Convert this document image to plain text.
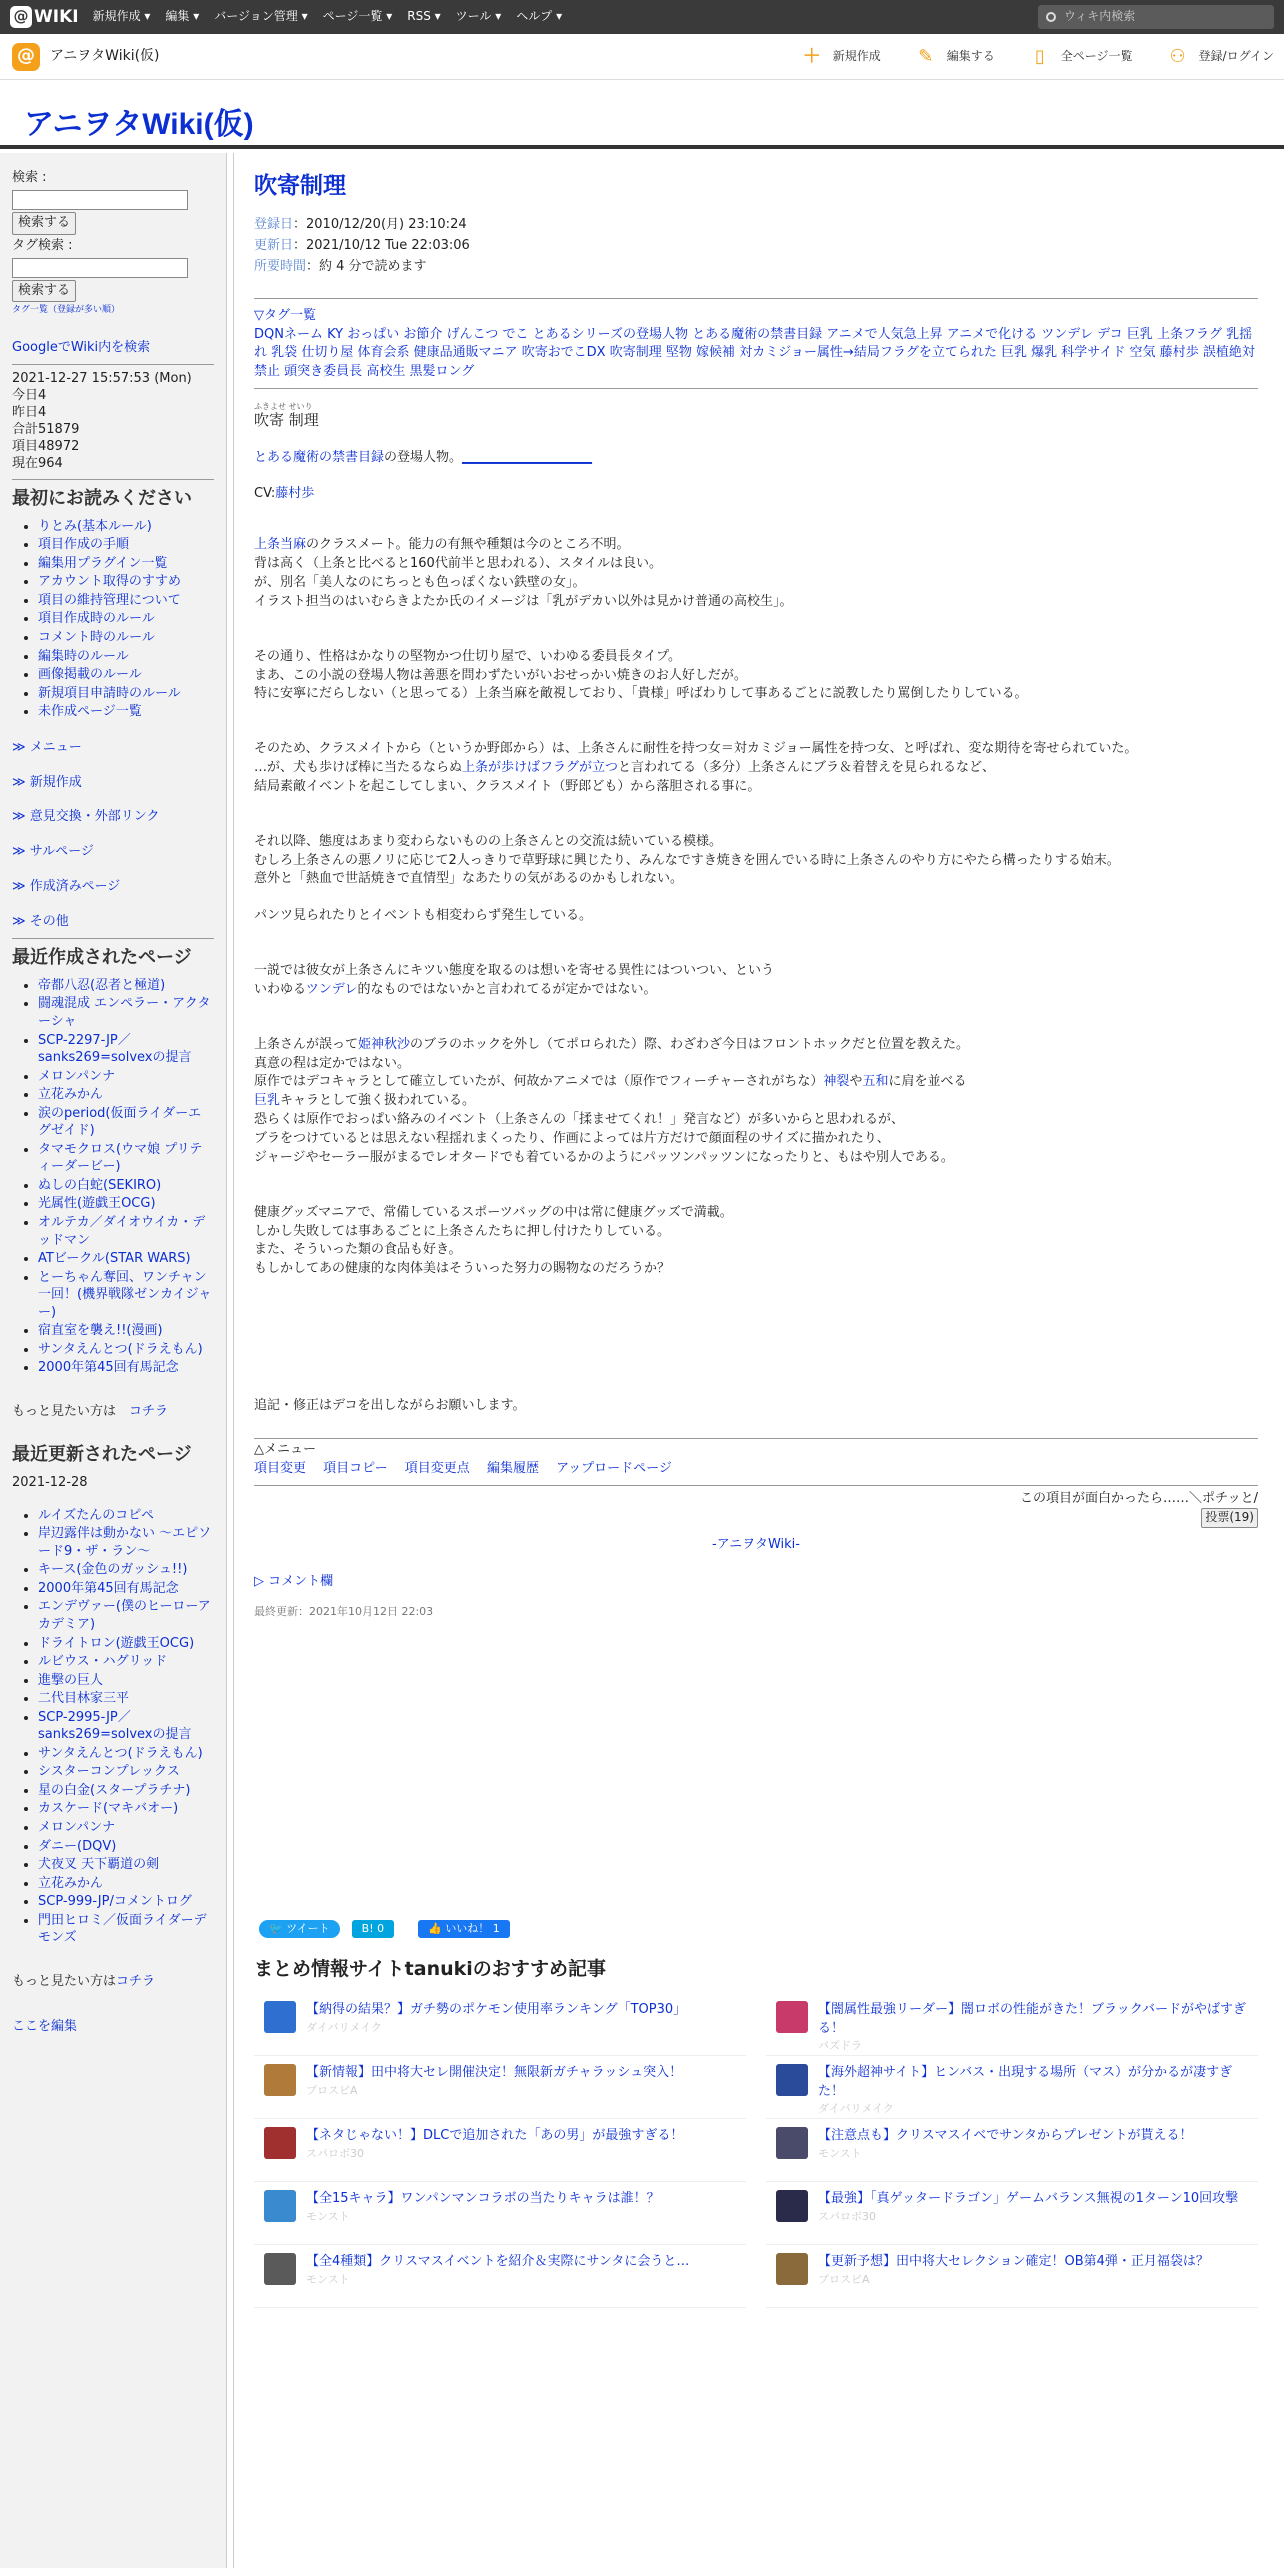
@ WIKI 新規作成 ▾ 編集 ▾ バージョン管理 ▾ ページ一覧 ▾ RSS ▾ ツール ▾ ヘルプ ▾	ウィキ内検索
@	アニヲタWiki(仮)	＋ 新規作成 ✎ 編集する ▯	全ページ一覧 ⚇ 登録/ログイン
アニヲタWiki(仮)
検索 :

検索する
タグ検索 :

検索する
タグ一覧（登録が多い順）
GoogleでWiki内を検索
2021-12-27 15:57:53 (Mon)
今日4
昨日4
合計51879
項目48972
現在964
最初にお読みください
• りとみ(基本ルール)
• 項目作成の手順
• 編集用プラグイン一覧
• アカウント取得のすすめ
• 項目の維持管理について
• 項目作成時のルール
• コメント時のルール
• 編集時のルール
• 画像掲載のルール
• 新規項目申請時のルール
• 未作成ページ一覧
≫ メニュー
≫ 新規作成
≫ 意見交換・外部リンク
≫ サルページ
≫ 作成済みページ
≫ その他
最近作成されたページ
• 帝都八忍(忍者と極道)
• 闘魂混成 エンペラー・アクターシャ
• SCP-2297-JP／sanks269=solvexの提言
• メロンパンナ
• 立花みかん
• 涙のperiod(仮面ライダーエグゼイド)
• タマモクロス(ウマ娘 プリティーダービー)
• ぬしの白蛇(SEKIRO)
• 光属性(遊戯王OCG)
• オルテカ／ダイオウイカ・デッドマン
• ATビークル(STAR WARS)
• とーちゃん奪回、ワンチャン一回！(機界戦隊ゼンカイジャー)
• 宿直室を襲え!!(漫画)
• サンタえんとつ(ドラえもん)
• 2000年第45回有馬記念
もっと見たい方は　 コチラ
最近更新されたページ
2021-12-28
• ルイズたんのコピペ
• 岸辺露伴は動かない 〜エピソード9・ザ・ラン〜
• キース(金色のガッシュ!!)
• 2000年第45回有馬記念
• エンデヴァー(僕のヒーローアカデミア)
• ドライトロン(遊戯王OCG)
• ルビウス・ハグリッド
• 進撃の巨人
• 二代目林家三平
• SCP-2995-JP／sanks269=solvexの提言
• サンタえんとつ(ドラえもん)
• シスターコンプレックス
• 星の白金(スタープラチナ)
• カスケード(マキバオー)
• メロンパンナ
• ダニー(DQⅤ)
• 犬夜叉 天下覇道の剣
• 立花みかん
• SCP-999-JP/コメントログ
• 門田ヒロミ／仮面ライダーデモンズ
もっと見たい方はコチラ
ここを編集
吹寄制理
登録日：2010/12/20(月) 23:10:24
更新日：2021/10/12 Tue 22:03:06
所要時間：約 4 分で読めます
▽タグ一覧
DQNネーム KY おっぱい お節介 げんこつ でこ とあるシリーズの登場人物 とある魔術の禁書目録 アニメで人気急上昇 アニメで化ける ツンデレ デコ 巨乳 上条フラグ 乳揺れ 乳袋 仕切り屋 体育会系 健康品通販マニア 吹寄おでこDX 吹寄制理 堅物 嫁候補 対カミジョー属性→結局フラグを立てられた 巨乳 爆乳 科学サイド 空気 藤村歩 誤植絶対禁止 頭突き委員長 高校生 黒髪ロング
ふきよせ せいり
吹寄 制理
とある魔術の禁書目録の登場人物。____________________
CV:藤村歩
上条当麻のクラスメート。能力の有無や種類は今のところ不明。
背は高く（上条と比べると160代前半と思われる）、スタイルは良い。
が、別名「美人なのにちっとも色っぽくない鉄壁の女」。
イラスト担当のはいむらきよたか氏のイメージは「乳がデカい以外は見かけ普通の高校生」。
その通り、性格はかなりの堅物かつ仕切り屋で、いわゆる委員長タイプ。
まあ、この小説の登場人物は善悪を問わずたいがいおせっかい焼きのお人好しだが。
特に安寧にだらしない（と思ってる）上条当麻を敵視しており、「貴様」呼ばわりして事あるごとに説教したり罵倒したりしている。
そのため、クラスメイトから（というか野郎から）は、上条さんに耐性を持つ女＝対カミジョー属性を持つ女、と呼ばれ、変な期待を寄せられていた。
…が、犬も歩けば棒に当たるならぬ上条が歩けばフラグが立つと言われてる（多分）上条さんにブラ＆着替えを見られるなど、
結局素敵イベントを起こしてしまい、クラスメイト（野郎ども）から落胆される事に。
それ以降、態度はあまり変わらないものの上条さんとの交流は続いている模様。
むしろ上条さんの悪ノリに応じて2人っきりで草野球に興じたり、みんなですき焼きを囲んでいる時に上条さんのやり方にやたら構ったりする始末。
意外と「熱血で世話焼きで直情型」なあたりの気があるのかもしれない。
パンツ見られたりとイベントも相変わらず発生している。
一説では彼女が上条さんにキツい態度を取るのは想いを寄せる異性にはついつい、という
いわゆるツンデレ的なものではないかと言われてるが定かではない。
上条さんが誤って姫神秋沙のブラのホックを外し（てポロられた）際、わざわざ今日はフロントホックだと位置を教えた。
真意の程は定かではない。
原作ではデコキャラとして確立していたが、何故かアニメでは（原作でフィーチャーされがちな）神裂や五和に肩を並べる
巨乳キャラとして強く扱われている。
恐らくは原作でおっぱい絡みのイベント（上条さんの「揉ませてくれ！」発言など）が多いからと思われるが、
ブラをつけているとは思えない程揺れまくったり、作画によっては片方だけで顔面程のサイズに描かれたり、
ジャージやセーラー服がまるでレオタードでも着ているかのようにパッツンパッツンになったりと、もはや別人である。
健康グッズマニアで、常備しているスポーツバッグの中は常に健康グッズで満載。
しかし失敗しては事あるごとに上条さんたちに押し付けたりしている。
また、そういった類の食品も好き。
もしかしてあの健康的な肉体美はそういった努力の賜物なのだろうか？
追記・修正はデコを出しながらお願いします。
△メニュー
項目変更　 項目コピー　 項目変更点　 編集履歴　 アップロードページ
この項目が面白かったら……＼ポチッと/
投票(19)
-アニヲタWiki-
▷ コメント欄
最終更新：2021年10月12日 22:03
🐦 ツイート	B! 0	👍 いいね！ 1
まとめ情報サイトtanukiのおすすめ記事
【納得の結果？】ガチ勢のポケモン使用率ランキング「TOP30」
ダイバリメイク
【闇属性最強リーダー】闇ロボの性能がきた！ブラックバードがやばすぎる！
パズドラ
【新情報】田中将大セレ開催決定！無限新ガチャラッシュ突入！
プロスピA
【海外超神サイト】ヒンバス・出現する場所（マス）が分かるが凄すぎた！
ダイバリメイク
【ネタじゃない！】DLCで追加された「あの男」が最強すぎる！
スパロボ30
【注意点も】クリスマスイベでサンタからプレゼントが貰える！
モンスト
【全15キャラ】ワンパンマンコラボの当たりキャラは誰！？
モンスト
【最強】「真ゲッタードラゴン」ゲームバランス無視の1ターン10回攻撃
スパロボ30
【全4種類】クリスマスイベントを紹介＆実際にサンタに会うと…
モンスト
【更新予想】田中将大セレクション確定！OB第4弾・正月福袋は？
プロスピA
